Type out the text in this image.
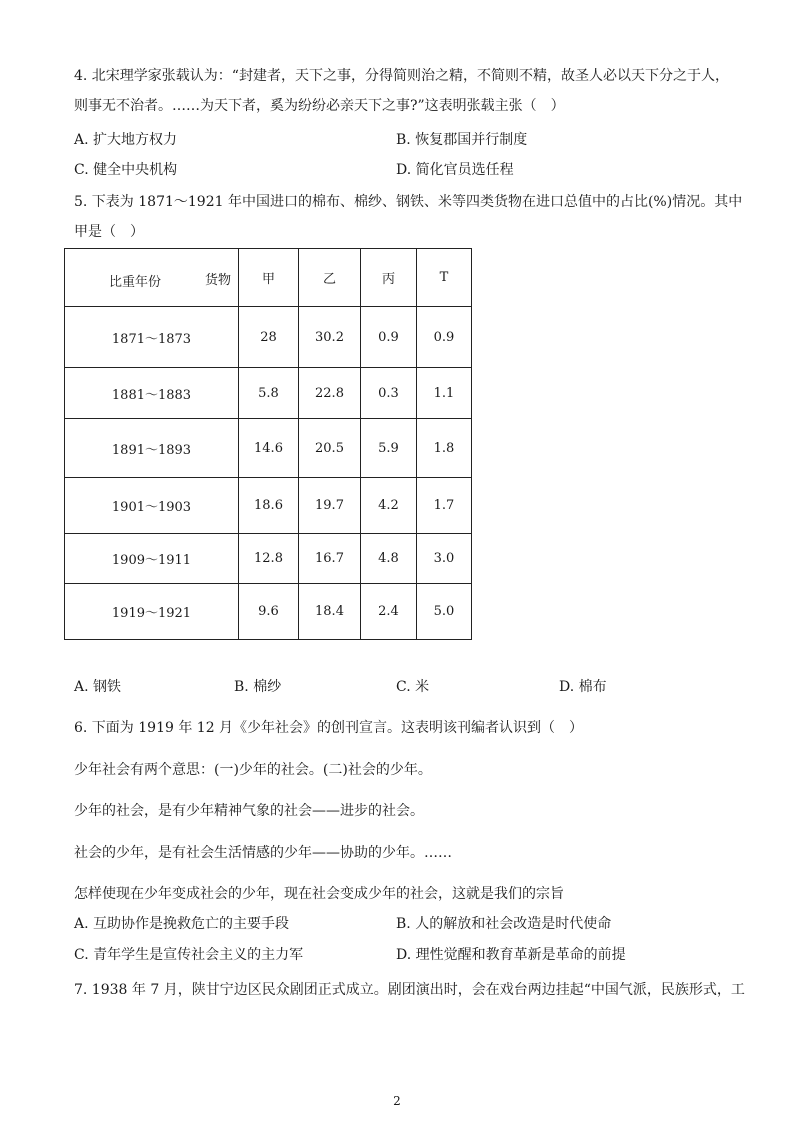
4. 北宋理学家张载认为：“封建者，天下之事，分得简则治之精，不简则不精，故圣人必以天下分之于人，
则事无不治者。……为天下者，奚为纷纷必亲天下之事?”这表明张载主张（　）
A. 扩大地方权力	B. 恢复郡国并行制度
C. 健全中央机构	D. 简化官员选任程
5. 下表为 1871～1921 年中国进口的棉布、棉纱、钢铁、米等四类货物在进口总值中的占比(%)情况。其中
甲是（　）
比重年份 货物	甲	乙	丙	T
1871～1873	28	30.2	0.9	0.9
1881～1883	5.8	22.8	0.3	1.1
1891～1893	14.6	20.5	5.9	1.8
1901～1903	18.6	19.7	4.2	1.7
1909～1911	12.8	16.7	4.8	3.0
1919～1921	9.6	18.4	2.4	5.0
A. 钢铁	B. 棉纱	C. 米	D. 棉布
6. 下面为 1919 年 12 月《少年社会》的创刊宣言。这表明该刊编者认识到（　）
少年社会有两个意思：(一)少年的社会。(二)社会的少年。
少年的社会，是有少年精神气象的社会——进步的社会。
社会的少年，是有社会生活情感的少年——协助的少年。……
怎样使现在少年变成社会的少年，现在社会变成少年的社会，这就是我们的宗旨
A. 互助协作是挽救危亡的主要手段	B. 人的解放和社会改造是时代使命
C. 青年学生是宣传社会主义的主力军	D. 理性觉醒和教育革新是革命的前提
7. 1938 年 7 月，陕甘宁边区民众剧团正式成立。剧团演出时，会在戏台两边挂起“中国气派，民族形式，工
2
